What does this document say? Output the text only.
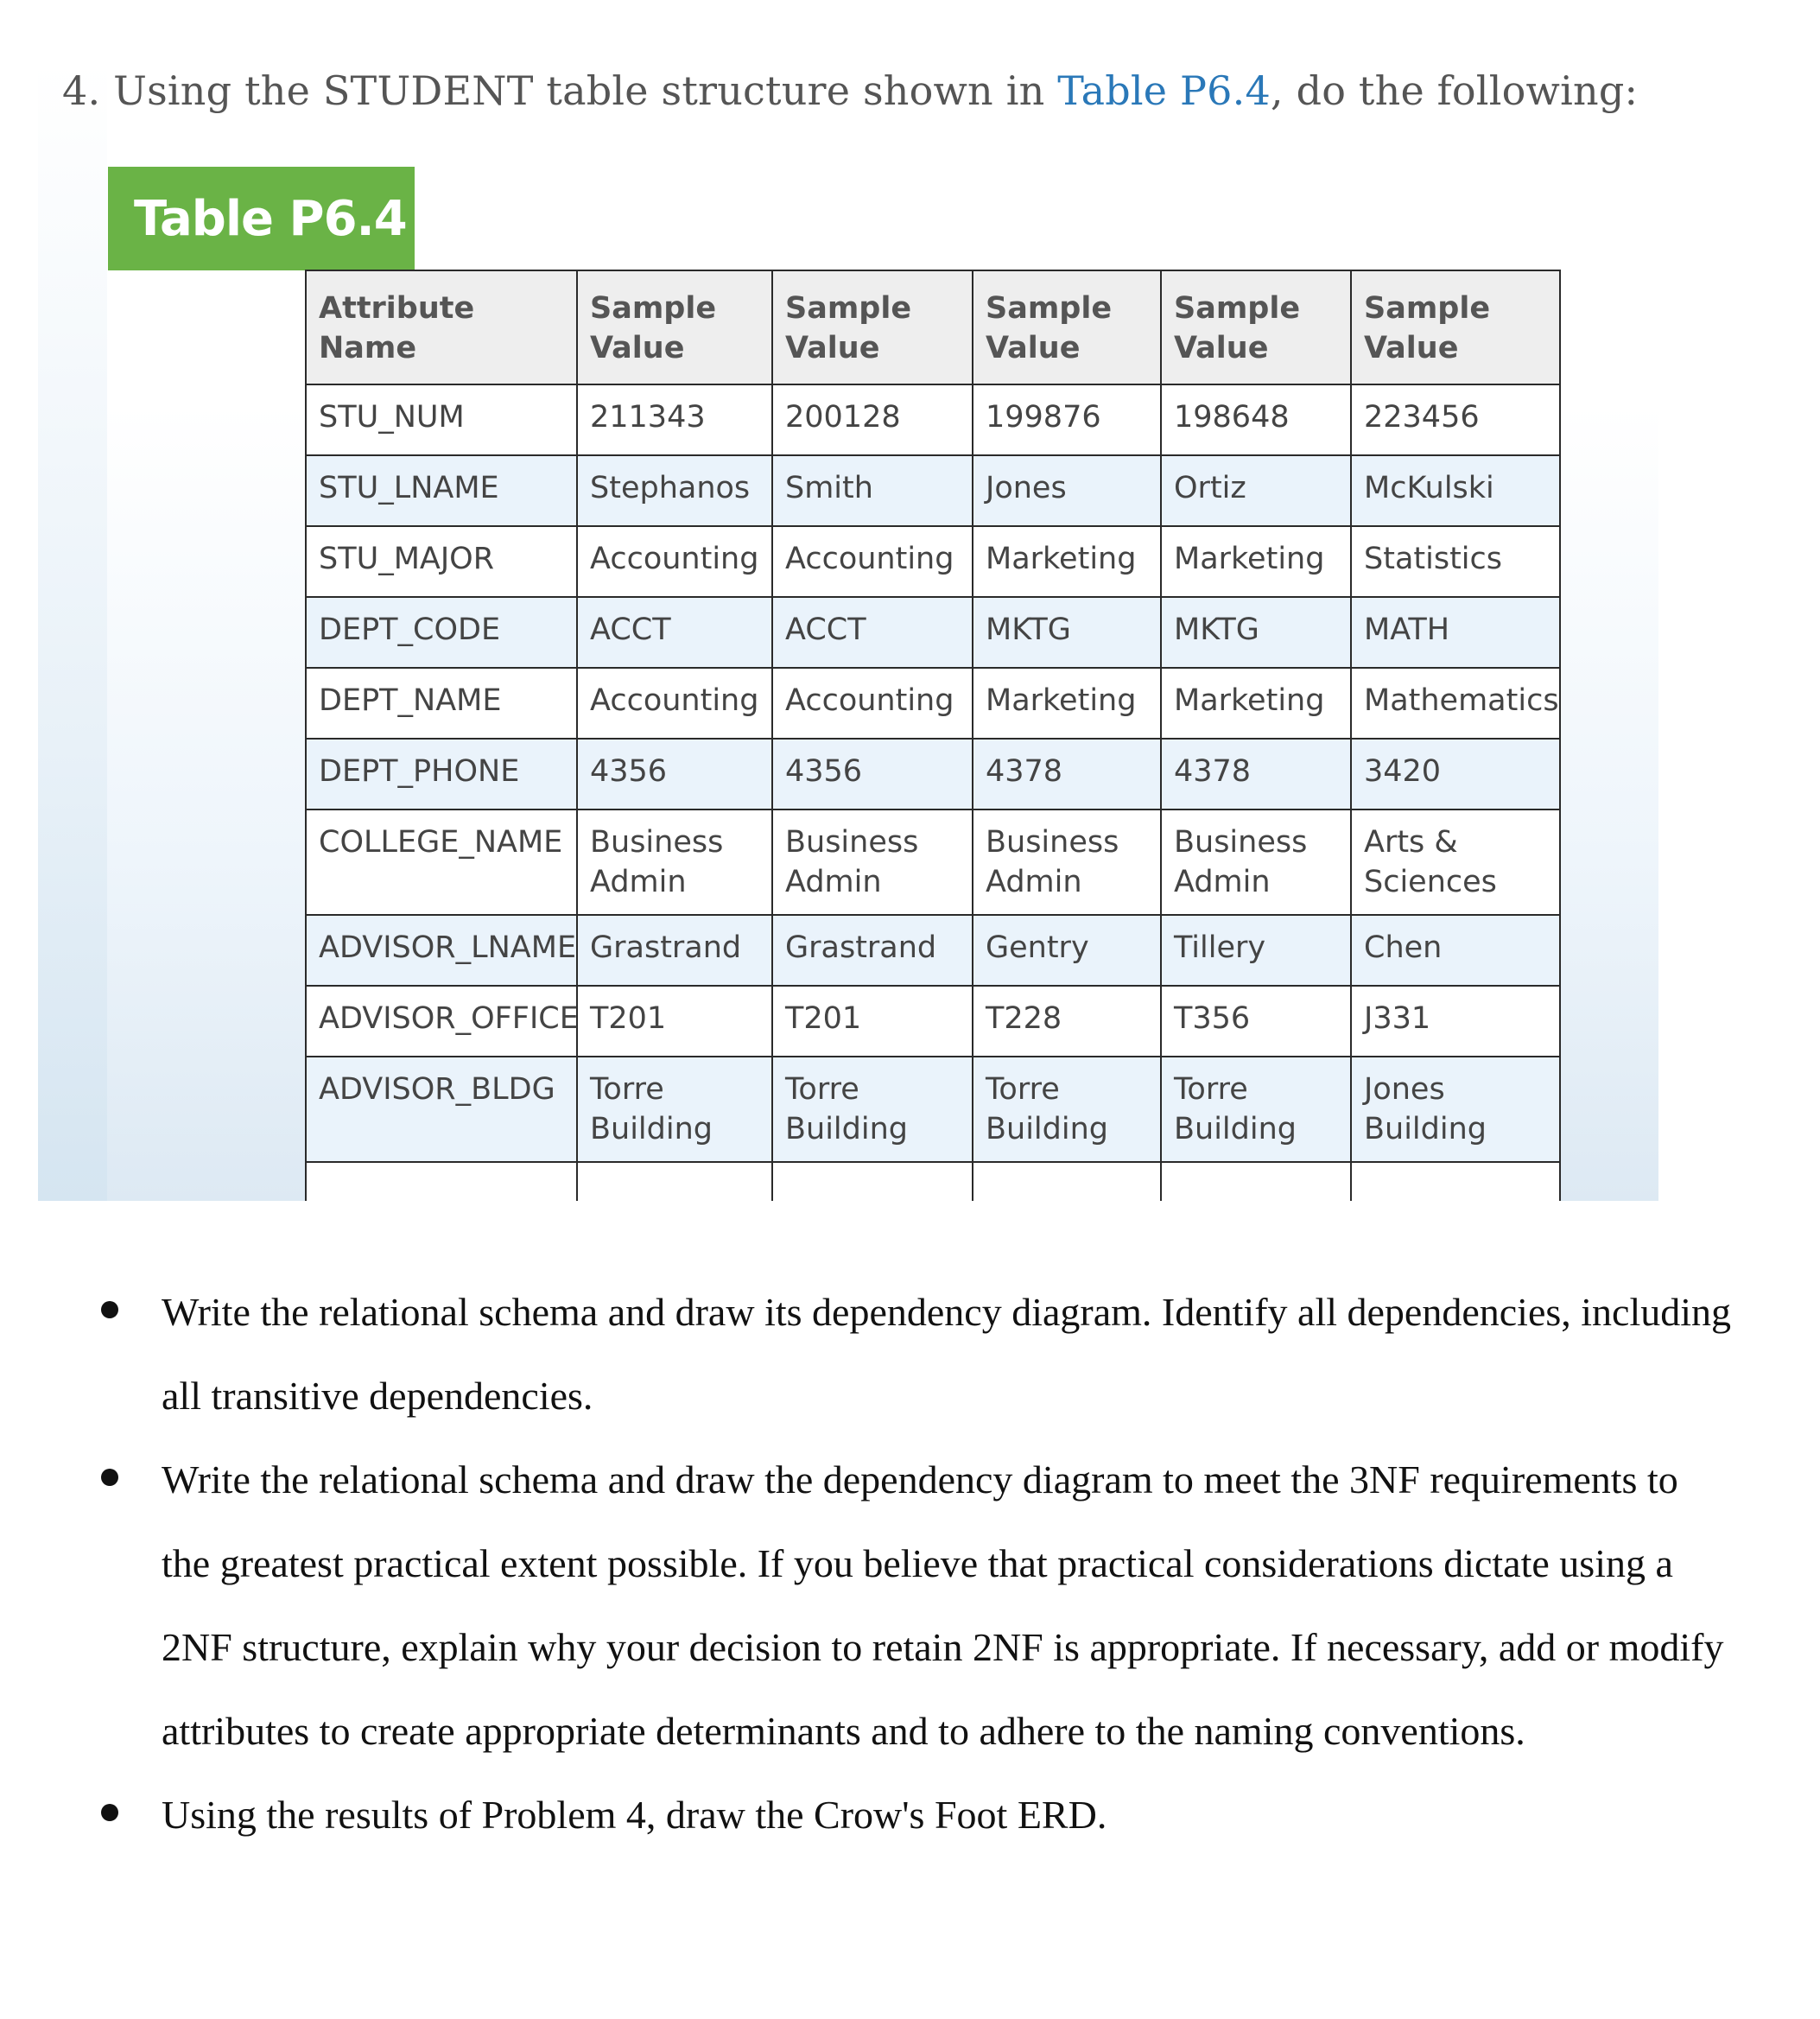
4. Using the STUDENT table structure shown in Table P6.4, do the following:
Table P6.4
Attribute Name	Sample Value	Sample Value	Sample Value	Sample Value	Sample Value
STU_NUM	211343	200128	199876	198648	223456
STU_LNAME	Stephanos	Smith	Jones	Ortiz	McKulski
STU_MAJOR	Accounting	Accounting	Marketing	Marketing	Statistics
DEPT_CODE	ACCT	ACCT	MKTG	MKTG	MATH
DEPT_NAME	Accounting	Accounting	Marketing	Marketing	Mathematics
DEPT_PHONE	4356	4356	4378	4378	3420
COLLEGE_NAME	Business Admin	Business Admin	Business Admin	Business Admin	Arts & Sciences
ADVISOR_LNAME	Grastrand	Grastrand	Gentry	Tillery	Chen
ADVISOR_OFFICE	T201	T201	T228	T356	J331
ADVISOR_BLDG	Torre Building	Torre Building	Torre Building	Torre Building	Jones Building

Write the relational schema and draw its dependency diagram. Identify all dependencies, including all transitive dependencies.
Write the relational schema and draw the dependency diagram to meet the 3NF requirements to the greatest practical extent possible. If you believe that practical considerations dictate using a 2NF structure, explain why your decision to retain 2NF is appropriate. If necessary, add or modify attributes to create appropriate determinants and to adhere to the naming conventions.
Using the results of Problem 4, draw the Crow's Foot ERD.
